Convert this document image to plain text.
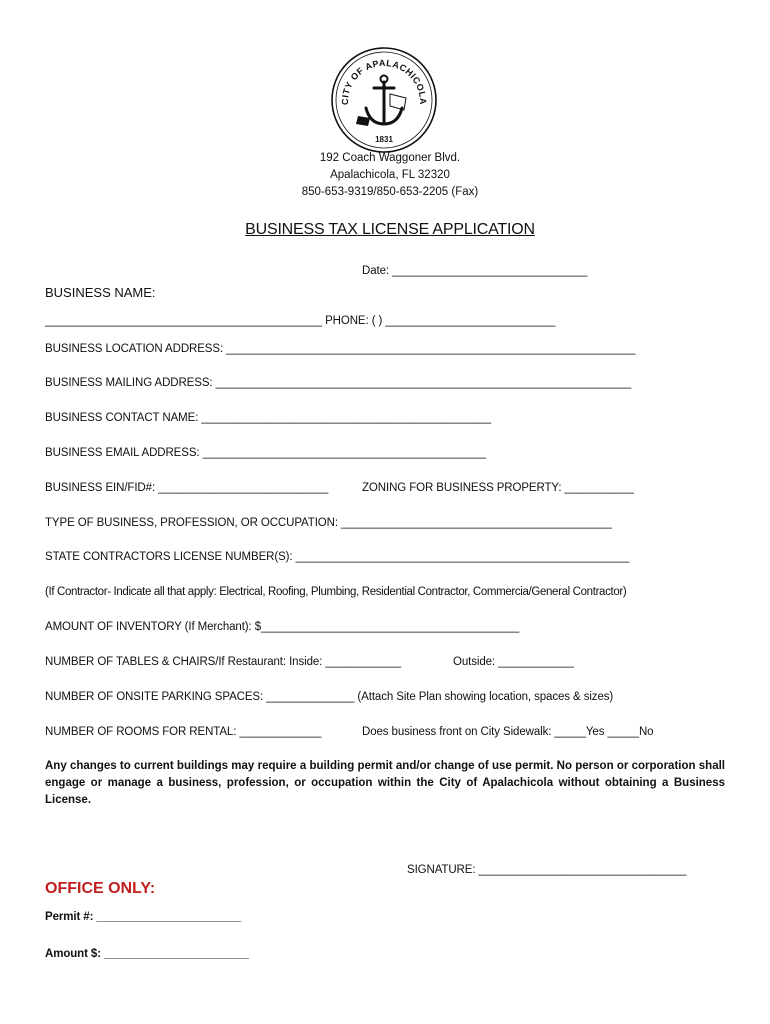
CITY OF APALACHICOLA
1831
192 Coach Waggoner Blvd.
Apalachicola, FL 32320
850-653-9319/850-653-2205 (Fax)
BUSINESS TAX LICENSE APPLICATION
Date: _______________________________
BUSINESS NAME:
____________________________________________ PHONE: ( ) ___________________________
BUSINESS LOCATION ADDRESS: _________________________________________________________________
BUSINESS MAILING ADDRESS: __________________________________________________________________
BUSINESS CONTACT NAME: ______________________________________________
BUSINESS EMAIL ADDRESS: _____________________________________________
BUSINESS EIN/FID#: ___________________________	ZONING FOR BUSINESS PROPERTY: ___________
TYPE OF BUSINESS, PROFESSION, OR OCCUPATION: ___________________________________________
STATE CONTRACTORS LICENSE NUMBER(S): _____________________________________________________
(If Contractor- Indicate all that apply: Electrical, Roofing, Plumbing, Residential Contractor, Commercia/General Contractor)
AMOUNT OF INVENTORY (If Merchant): $_________________________________________
NUMBER OF TABLES & CHAIRS/If Restaurant: Inside: ____________	Outside: ____________
NUMBER OF ONSITE PARKING SPACES: ______________ (Attach Site Plan showing location, spaces & sizes)
NUMBER OF ROOMS FOR RENTAL: _____________	Does business front on City Sidewalk: _____Yes _____No
Any changes to current buildings may require a building permit and/or change of use permit. No person or corporation shall engage or manage a business, profession, or occupation within the City of Apalachicola without obtaining a Business License.
SIGNATURE: _________________________________
OFFICE ONLY:
Permit #: _______________________
Amount $: _______________________
